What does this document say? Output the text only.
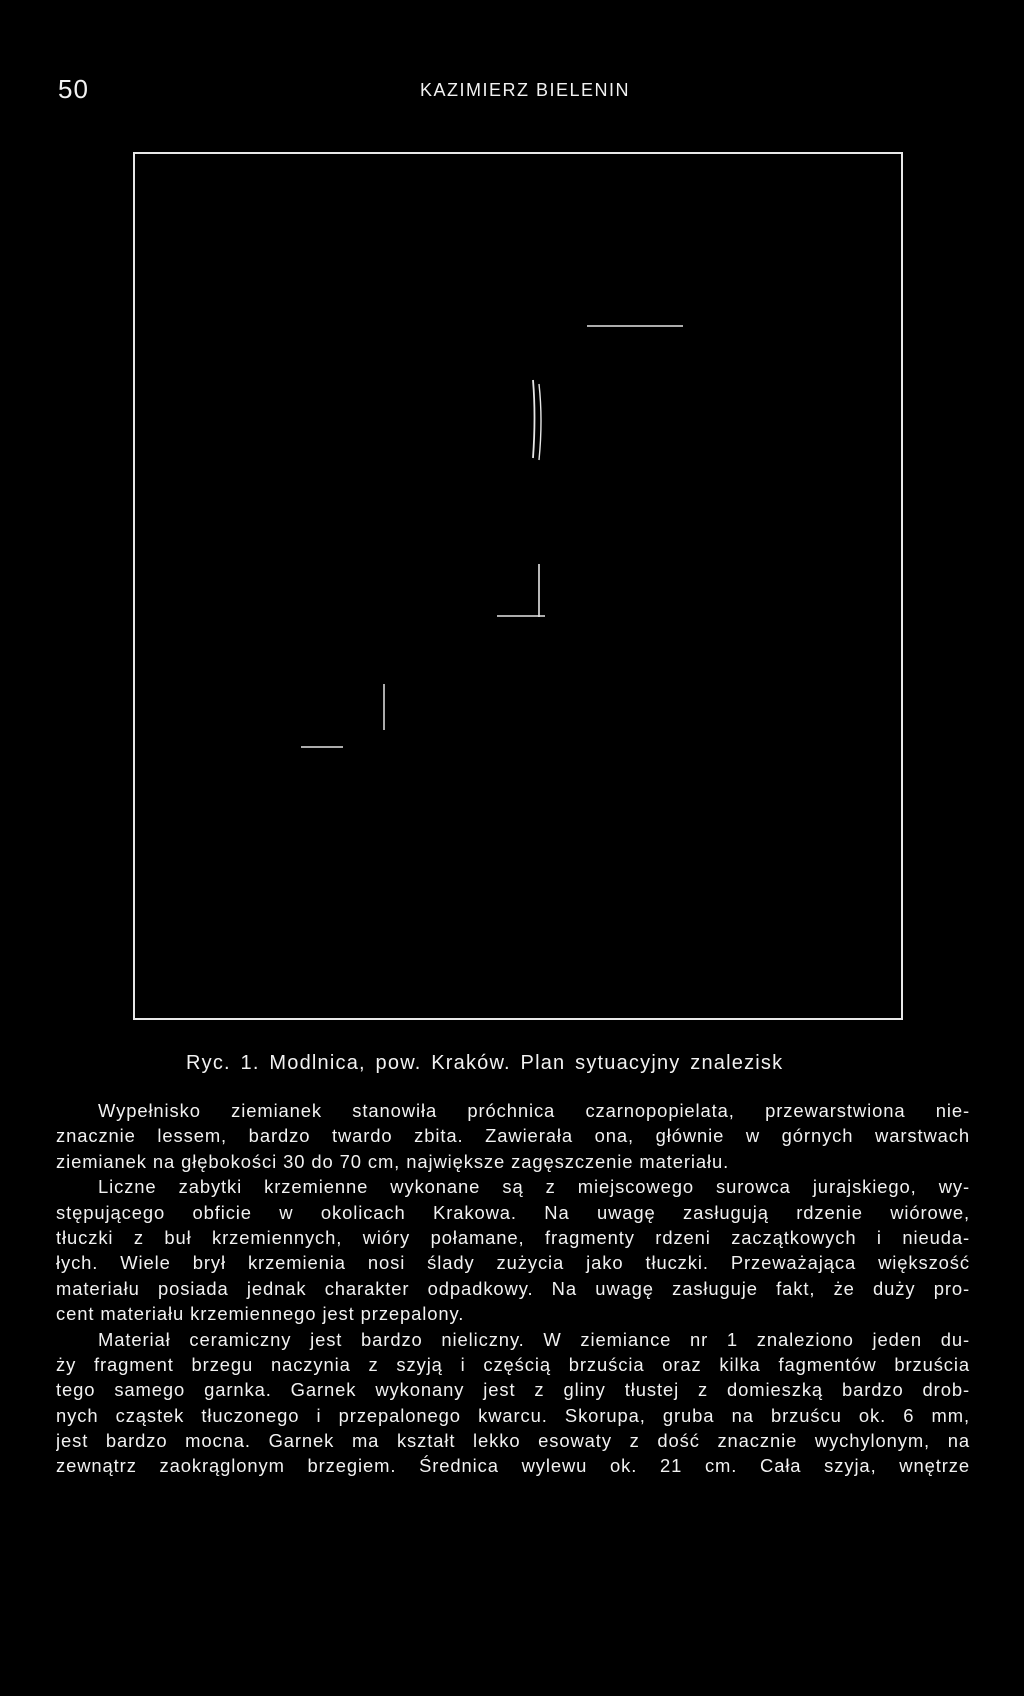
50	KAZIMIERZ BIELENIN
Ryc. 1. Modlnica, pow. Kraków. Plan sytuacyjny znalezisk
Wypełnisko ziemianek stanowiła próchnica czarnopopielata, przewarstwiona nie-
znacznie lessem, bardzo twardo zbita. Zawierała ona, głównie w górnych warstwach
ziemianek na głębokości 30 do 70 cm, największe zagęszczenie materiału.
Liczne zabytki krzemienne wykonane są z miejscowego surowca jurajskiego, wy-
stępującego obficie w okolicach Krakowa. Na uwagę zasługują rdzenie wiórowe,
tłuczki z buł krzemiennych, wióry połamane, fragmenty rdzeni zaczątkowych i nieuda-
łych. Wiele brył krzemienia nosi ślady zużycia jako tłuczki. Przeważająca większość
materiału posiada jednak charakter odpadkowy. Na uwagę zasługuje fakt, że duży pro-
cent materiału krzemiennego jest przepalony.
Materiał ceramiczny jest bardzo nieliczny. W ziemiance nr 1 znaleziono jeden du-
ży fragment brzegu naczynia z szyją i częścią brzuścia oraz kilka fagmentów brzuścia
tego samego garnka. Garnek wykonany jest z gliny tłustej z domieszką bardzo drob-
nych cząstek tłuczonego i przepalonego kwarcu. Skorupa, gruba na brzuścu ok. 6 mm,
jest bardzo mocna. Garnek ma kształt lekko esowaty z dość znacznie wychylonym, na
zewnątrz zaokrąglonym brzegiem. Średnica wylewu ok. 21 cm. Cała szyja, wnętrze
